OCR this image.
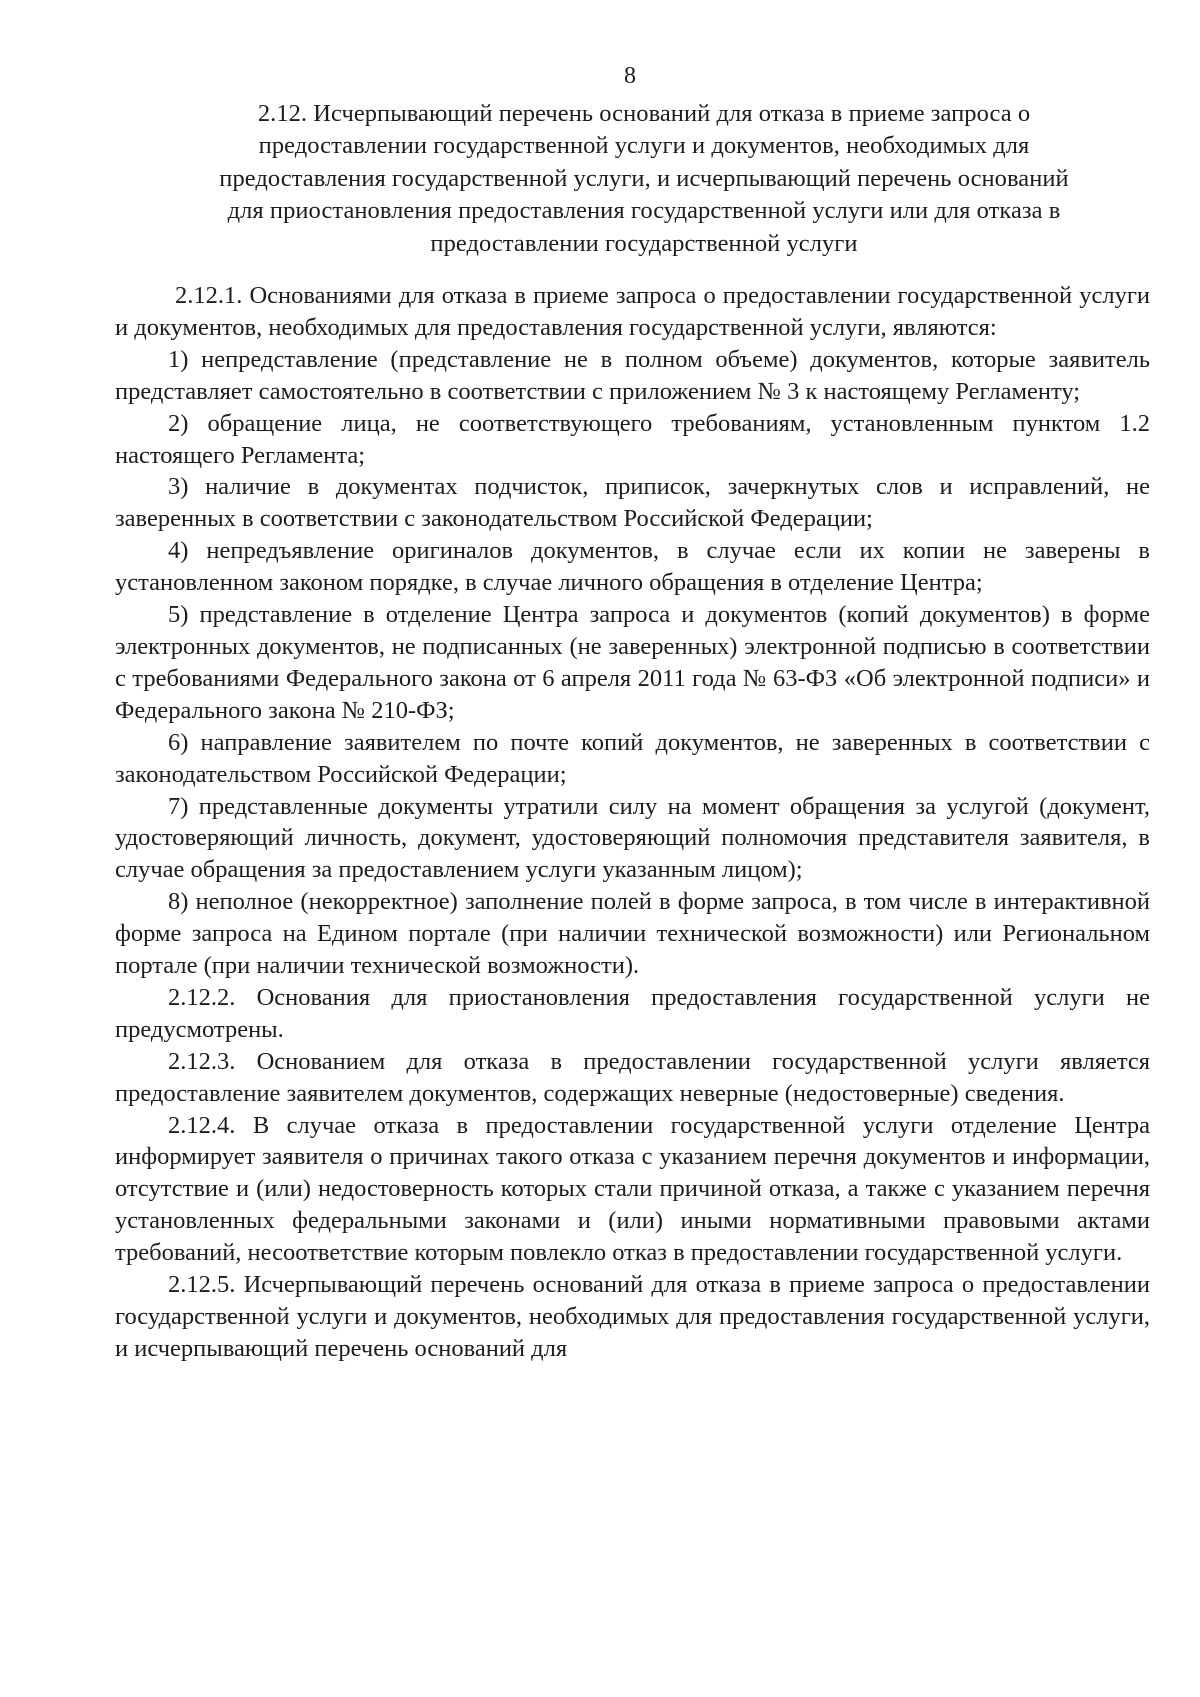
8
2.12. Исчерпывающий перечень оснований для отказа в приеме запроса о
предоставлении государственной услуги и документов, необходимых для
предоставления государственной услуги, и исчерпывающий перечень оснований
для приостановления предоставления государственной услуги или для отказа в
предоставлении государственной услуги

2.12.1. Основаниями для отказа в приеме запроса о предоставлении государственной услуги и документов, необходимых для предоставления государственной услуги, являются:

1) непредставление (представление не в полном объеме) документов, которые заявитель представляет самостоятельно в соответствии с приложением № 3 к настоящему Регламенту;

2) обращение лица, не соответствующего требованиям, установленным пунктом 1.2 настоящего Регламента;

3) наличие в документах подчисток, приписок, зачеркнутых слов и исправлений, не заверенных в соответствии с законодательством Российской Федерации;

4) непредъявление оригиналов документов, в случае если их копии не заверены в установленном законом порядке, в случае личного обращения в отделение Центра;

5) представление в отделение Центра запроса и документов (копий документов) в форме электронных документов, не подписанных (не заверенных) электронной подписью в соответствии с требованиями Федерального закона от 6 апреля 2011 года № 63-ФЗ «Об электронной подписи» и Федерального закона № 210-ФЗ;

6) направление заявителем по почте копий документов, не заверенных в соответствии с законодательством Российской Федерации;

7) представленные документы утратили силу на момент обращения за услугой (документ, удостоверяющий личность, документ, удостоверяющий полномочия представителя заявителя, в случае обращения за предоставлением услуги указанным лицом);

8) неполное (некорректное) заполнение полей в форме запроса, в том числе в интерактивной форме запроса на Едином портале (при наличии технической возможности) или Региональном портале (при наличии технической возможности).

2.12.2. Основания для приостановления предоставления государственной услуги не предусмотрены.

2.12.3. Основанием для отказа в предоставлении государственной услуги является предоставление заявителем документов, содержащих неверные (недостоверные) сведения.

2.12.4. В случае отказа в предоставлении государственной услуги отделение Центра информирует заявителя о причинах такого отказа с указанием перечня документов и информации, отсутствие и (или) недостоверность которых стали причиной отказа, а также с указанием перечня установленных федеральными законами и (или) иными нормативными правовыми актами требований, несоответствие которым повлекло отказ в предоставлении государственной услуги.

2.12.5. Исчерпывающий перечень оснований для отказа в приеме запроса о предоставлении государственной услуги и документов, необходимых для предоставления государственной услуги, и исчерпывающий перечень оснований для
